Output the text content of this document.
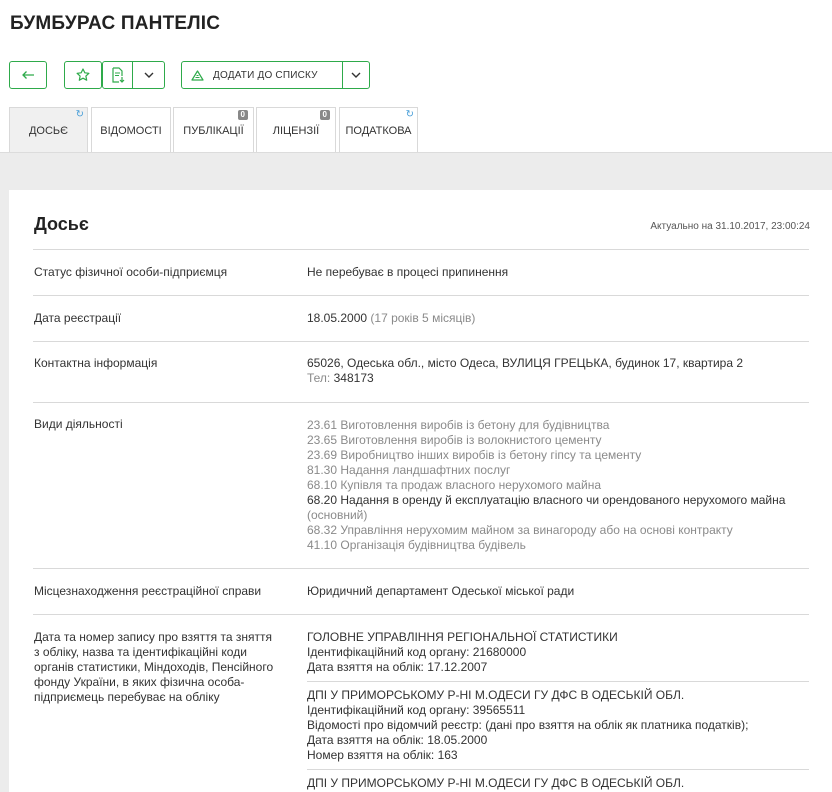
БУМБУРАС ПАНТЕЛІС
ДОДАТИ ДО СПИСКУ
ДОСЬЄ
↻
ВІДОМОСТІ ПУБЛІКАЦІЇ
0
ЛІЦЕНЗІЇ
0
ПОДАТКОВА
↻
Досьє	Актуально на 31.10.2017, 23:00:24
Статус фізичної особи-підприємця	Не перебуває в процесі припинення
Дата реєстрації	18.05.2000 (17 років 5 місяців)
Контактна інформація	65026, Одеська обл., місто Одеса, ВУЛИЦЯ ГРЕЦЬКА, будинок 17, квартира 2
Тел: 348173
Види діяльності	23.61 Виготовлення виробів із бетону для будівництва
23.65 Виготовлення виробів із волокнистого цементу
23.69 Виробництво інших виробів із бетону гіпсу та цементу
81.30 Надання ландшафтних послуг
68.10 Купівля та продаж власного нерухомого майна
68.20 Надання в оренду й експлуатацію власного чи орендованого нерухомого майна
(основний)
68.32 Управління нерухомим майном за винагороду або на основі контракту
41.10 Організація будівництва будівель
Місцезнаходження реєстраційної справи	Юридичний департамент Одеської міської ради
Дата та номер запису про взяття та зняття
з обліку, назва та ідентифікаційні коди
органів статистики, Міндоходів, Пенсійного
фонду України, в яких фізична особа-
підприємець перебуває на обліку
ГОЛОВНЕ УПРАВЛІННЯ РЕГІОНАЛЬНОЇ СТАТИСТИКИ
Ідентифікаційний код органу: 21680000
Дата взяття на облік: 17.12.2007
ДПІ У ПРИМОРСЬКОМУ Р-НІ М.ОДЕСИ ГУ ДФС В ОДЕСЬКІЙ ОБЛ.
Ідентифікаційний код органу: 39565511
Відомості про відомчий реєстр: (дані про взяття на облік як платника податків);
Дата взяття на облік: 18.05.2000
Номер взяття на облік: 163
ДПІ У ПРИМОРСЬКОМУ Р-НІ М.ОДЕСИ ГУ ДФС В ОДЕСЬКІЙ ОБЛ.
